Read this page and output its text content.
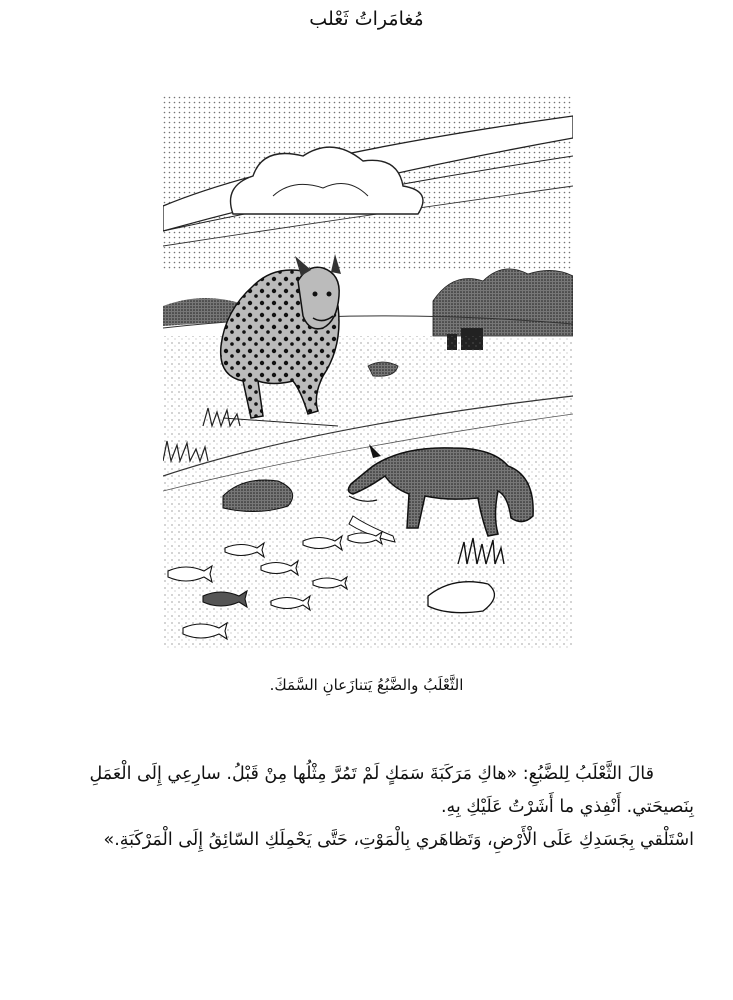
مُغامَراتُ ثَعْلب
الثَّعْلَبُ والضَّبُعُ يَتنازَعانِ السَّمَكَ.

قالَ الثَّعْلَبُ لِلضَّبُعِ: «هاكِ مَرَكَبَةَ سَمَكٍ لَمْ تَمُرَّ مِثْلُها مِنْ قَبْلُ. سارِعِي إِلَى الْعَمَلِ بِنَصيحَتي. أَنْفِذي ما أَشَرْتُ عَلَيْكِ بِهِ.

اسْتَلْقي بِجَسَدِكِ عَلَى الْأَرْضِ، وَتَظاهَري بِالْمَوْتِ، حَتَّى يَحْمِلَكِ السّائِقُ إِلَى الْمَرْكَبَةِ.»
